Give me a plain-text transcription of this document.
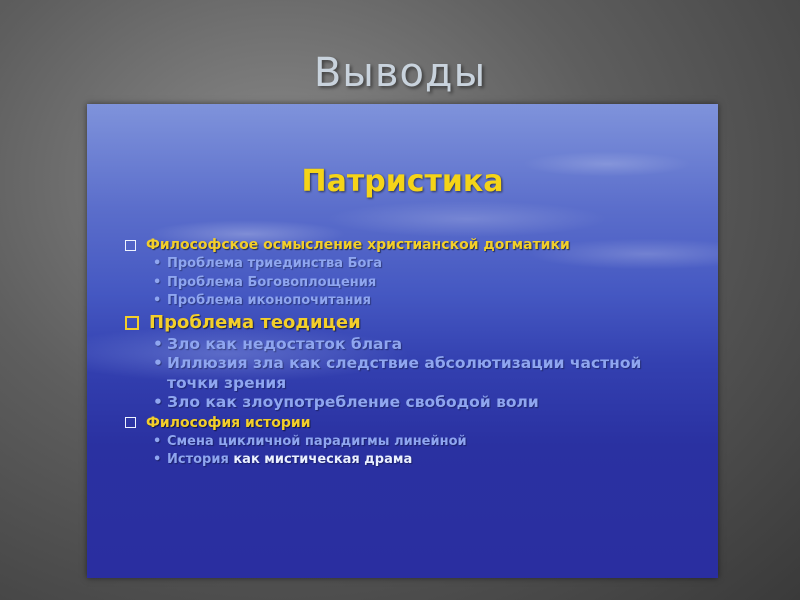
Выводы
Патристика
Философское осмысление христианской догматики
• Проблема триединства Бога
• Проблема Боговоплощения
• Проблема иконопочитания
Проблема теодицеи
• Зло как недостаток блага
• Иллюзия зла как следствие абсолютизации частной точки зрения
• Зло как злоупотребление свободой воли
Философия истории
• Смена цикличной парадигмы линейной
• История как мистическая драма
